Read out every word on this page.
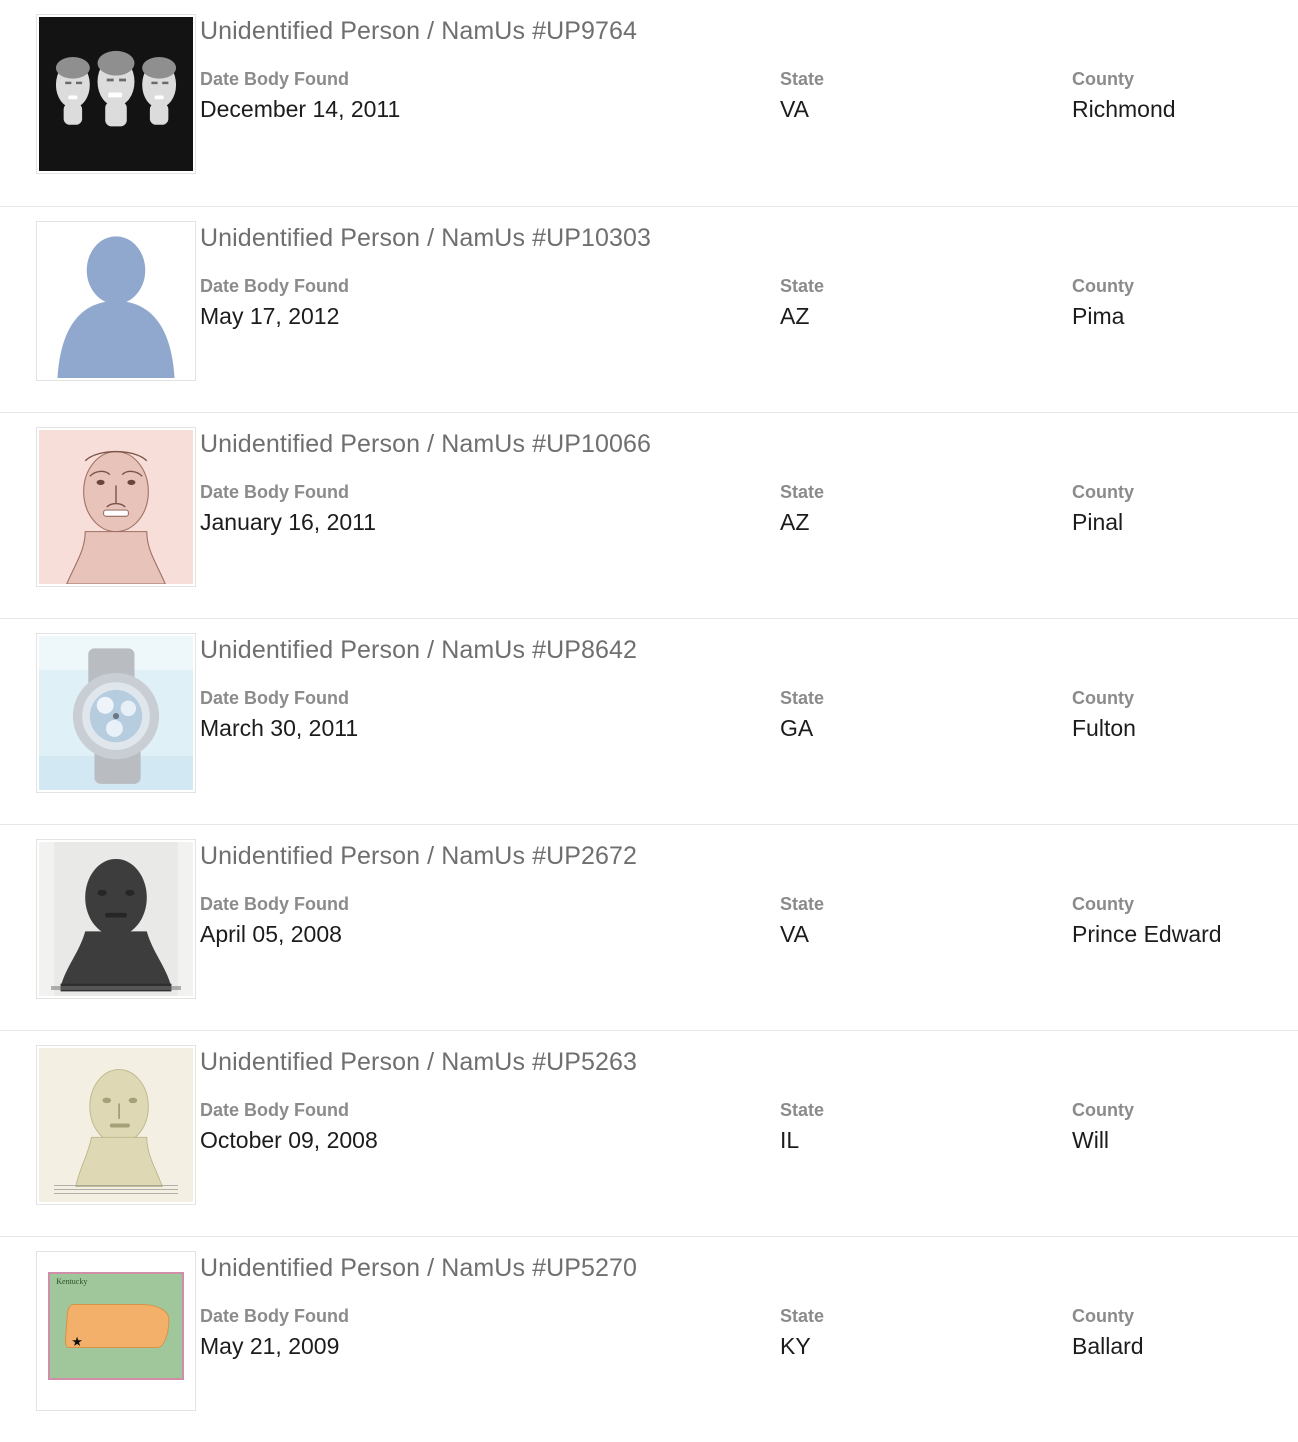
Unidentified Person / NamUs #UP9764
Date Body Found
December 14, 2011
State
VA
County
Richmond
Unidentified Person / NamUs #UP10303
Date Body Found
May 17, 2012
State
AZ
County
Pima
Unidentified Person / NamUs #UP10066
Date Body Found
January 16, 2011
State
AZ
County
Pinal
Unidentified Person / NamUs #UP8642
Date Body Found
March 30, 2011
State
GA
County
Fulton
Unidentified Person / NamUs #UP2672
Date Body Found
April 05, 2008
State
VA
County
Prince Edward
Unidentified Person / NamUs #UP5263
Date Body Found
October 09, 2008
State
IL
County
Will
Kentucky
★
Unidentified Person / NamUs #UP5270
Date Body Found
May 21, 2009
State
KY
County
Ballard
